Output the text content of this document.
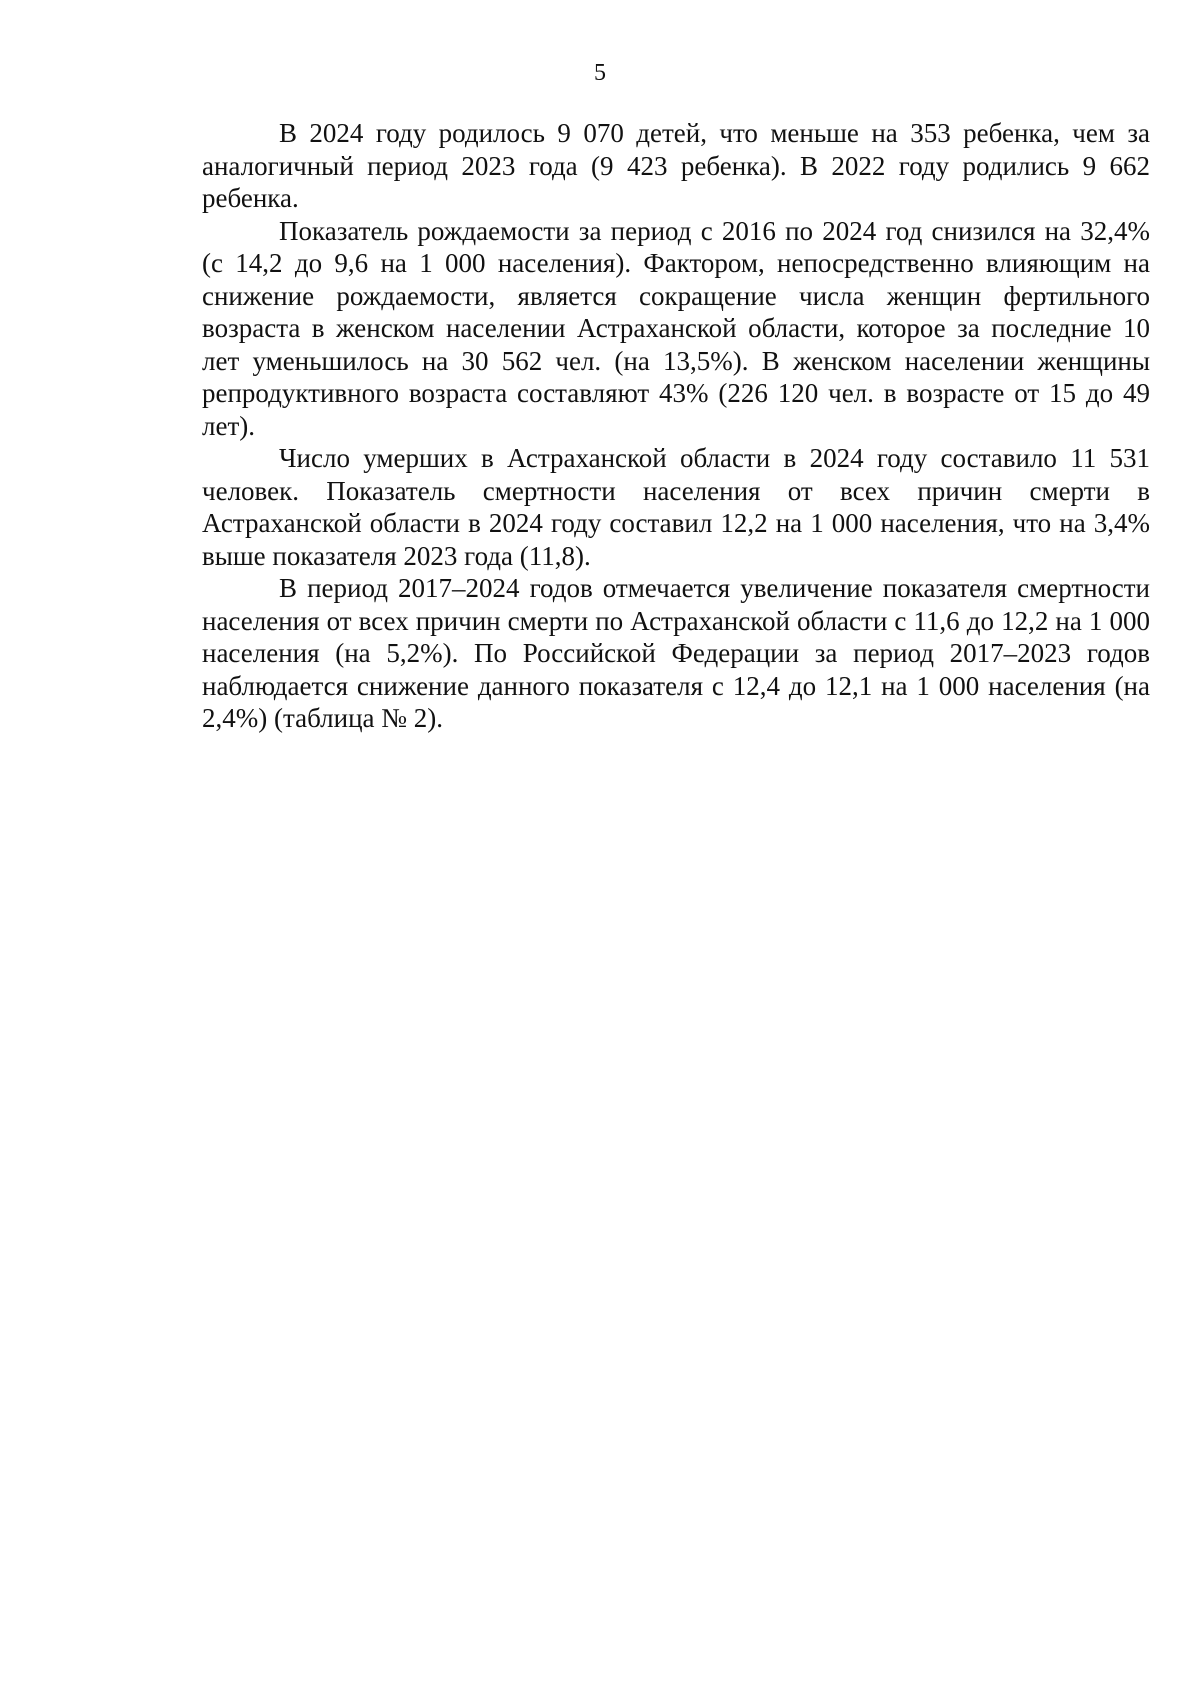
5

В 2024 году родилось 9 070 детей, что меньше на 353 ребенка, чем за аналогичный период 2023 года (9 423 ребенка). В 2022 году родились 9 662 ребенка.

Показатель рождаемости за период с 2016 по 2024 год снизился на 32,4% (с 14,2 до 9,6 на 1 000 населения). Фактором, непосредственно влияющим на снижение рождаемости, является сокращение числа женщин фертильного возраста в женском населении Астраханской области, которое за последние 10 лет уменьшилось на 30 562 чел. (на 13,5%). В женском населении женщины репродуктивного возраста составляют 43% (226 120 чел. в возрасте от 15 до 49 лет).

Число умерших в Астраханской области в 2024 году составило 11 531 человек. Показатель смертности населения от всех причин смерти в Астраханской области в 2024 году составил 12,2 на 1 000 населения, что на 3,4% выше показателя 2023 года (11,8).

В период 2017–2024 годов отмечается увеличение показателя смертности населения от всех причин смерти по Астраханской области с 11,6 до 12,2 на 1 000 населения (на 5,2%). По Российской Федерации за период 2017–2023 годов наблюдается снижение данного показателя с 12,4 до 12,1 на 1 000 населения (на 2,4%) (таблица № 2).
